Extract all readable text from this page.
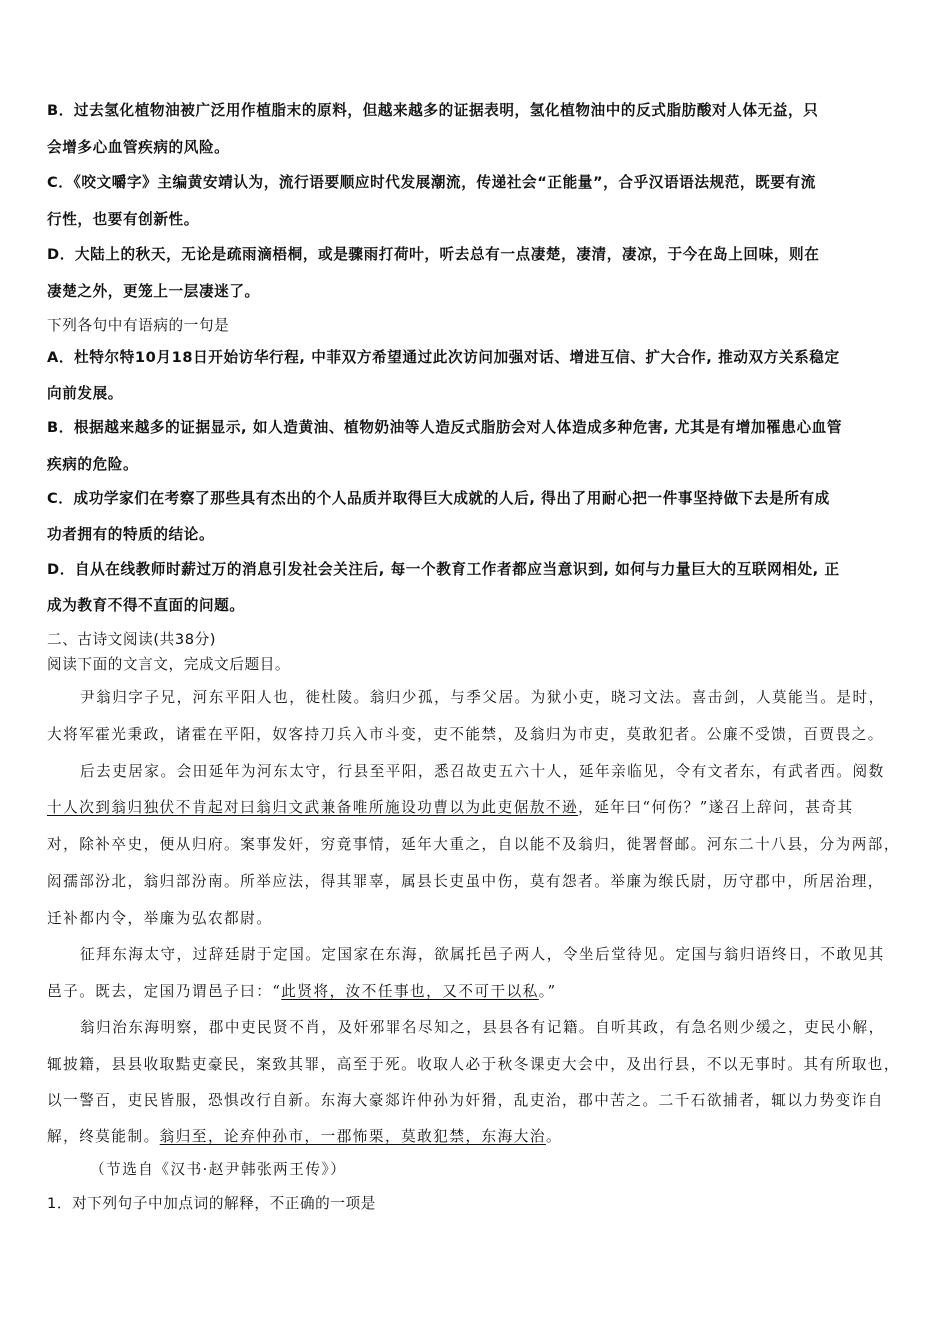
B．过去氢化植物油被广泛用作植脂末的原料，但越来越多的证据表明，氢化植物油中的反式脂肪酸对人体无益，只
会增多心血管疾病的风险。
C．《咬文嚼字》主编黄安靖认为，流行语要顺应时代发展潮流，传递社会“正能量”，合乎汉语语法规范，既要有流
行性，也要有创新性。
D．大陆上的秋天，无论是疏雨滴梧桐，或是骤雨打荷叶，听去总有一点凄楚，凄清，凄凉，于今在岛上回味，则在
凄楚之外，更笼上一层凄迷了。
下列各句中有语病的一句是
A．杜特尔特10月18日开始访华行程, 中菲双方希望通过此次访问加强对话、增进互信、扩大合作, 推动双方关系稳定
向前发展。
B．根据越来越多的证据显示, 如人造黄油、植物奶油等人造反式脂肪会对人体造成多种危害, 尤其是有增加罹患心血管
疾病的危险。
C．成功学家们在考察了那些具有杰出的个人品质并取得巨大成就的人后, 得出了用耐心把一件事坚持做下去是所有成
功者拥有的特质的结论。
D．自从在线教师时薪过万的消息引发社会关注后, 每一个教育工作者都应当意识到, 如何与力量巨大的互联网相处, 正
成为教育不得不直面的问题。
二、古诗文阅读(共38分)
阅读下面的文言文，完成文后题目。
尹翁归字子兄，河东平阳人也，徙杜陵。翁归少孤，与季父居。为狱小吏，晓习文法。喜击剑，人莫能当。是时，
大将军霍光秉政，诸霍在平阳，奴客持刀兵入市斗变，吏不能禁，及翁归为市吏，莫敢犯者。公廉不受馈，百贾畏之。
后去吏居家。会田延年为河东太守，行县至平阳，悉召故吏五六十人，延年亲临见，令有文者东，有武者西。阅数
十人次到翁归独伏不肯起对曰翁归文武兼备唯所施设功曹以为此吏倨敖不逊，延年曰“何伤？”遂召上辞问，甚奇其
对，除补卒史，便从归府。案事发奸，穷竟事情，延年大重之，自以能不及翁归，徙署督邮。河东二十八县，分为两部，
闳孺部汾北，翁归部汾南。所举应法，得其罪辜，属县长吏虽中伤，莫有怨者。举廉为缑氏尉，历守郡中，所居治理，
迁补都内令，举廉为弘农都尉。
征拜东海太守，过辞廷尉于定国。定国家在东海，欲属托邑子两人，令坐后堂待见。定国与翁归语终日，不敢见其
邑子。既去，定国乃谓邑子曰：“此贤将，汝不任事也，又不可干以私。”
翁归治东海明察，郡中吏民贤不肖，及奸邪罪名尽知之，县县各有记籍。自听其政，有急名则少缓之，吏民小解，
辄披籍，县县收取黠吏豪民，案致其罪，高至于死。收取人必于秋冬课吏大会中，及出行县，不以无事时。其有所取也，
以一警百，吏民皆服，恐惧改行自新。东海大豪郯许仲孙为奸猾，乱吏治，郡中苦之。二千石欲捕者，辄以力势变诈自
解，终莫能制。翁归至，论弃仲孙市，一郡怖栗，莫敢犯禁，东海大治。
（节选自《汉书·赵尹韩张两王传》）
1．对下列句子中加点词的解释，不正确的一项是
